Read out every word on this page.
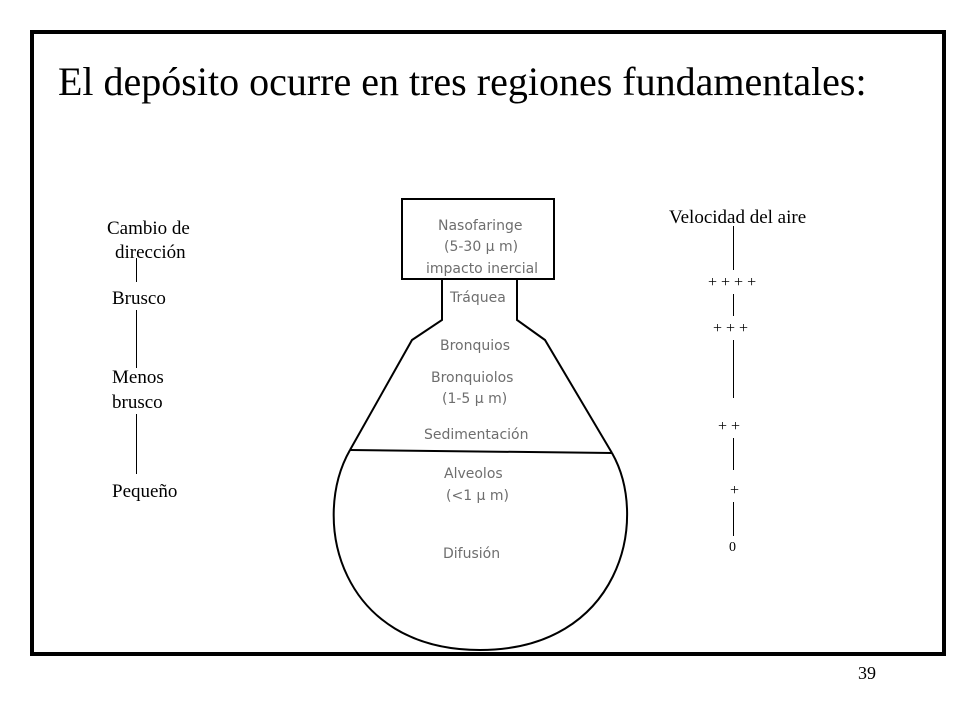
El depósito ocurre en tres regiones fundamentales:
Cambio de
dirección
Brusco
Menos
brusco
Pequeño
Nasofaringe
(5-30 μ m)
impacto inercial
Tráquea
Bronquios
Bronquiolos
(1-5 μ m)
Sedimentación
Alveolos
(<1 μ m)
Difusión
Velocidad del aire
+ + + +
+ + +
+ +
+
0
39
